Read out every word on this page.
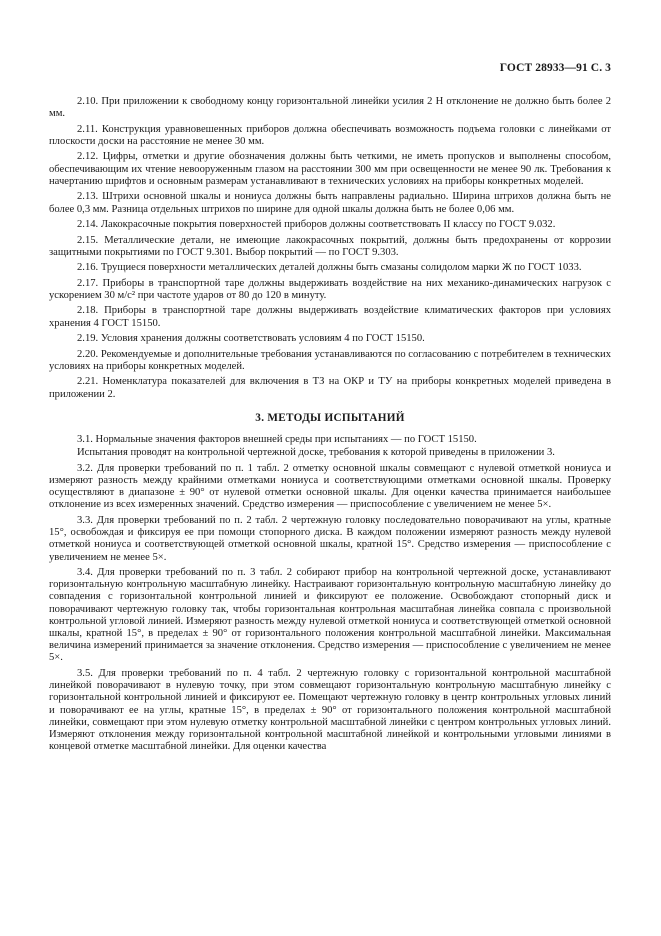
ГОСТ 28933—91 С. 3

2.10. При приложении к свободному концу горизонтальной линейки усилия 2 Н отклонение не должно быть более 2 мм.

2.11. Конструкция уравновешенных приборов должна обеспечивать возможность подъема головки с линейками от плоскости доски на расстояние не менее 30 мм.

2.12. Цифры, отметки и другие обозначения должны быть четкими, не иметь пропусков и выполнены способом, обеспечивающим их чтение невооруженным глазом на расстоянии 300 мм при освещенности не менее 90 лк. Требования к начертанию шрифтов и основным размерам устанавливают в технических условиях на приборы конкретных моделей.

2.13. Штрихи основной шкалы и нониуса должны быть направлены радиально. Ширина штрихов должна быть не более 0,3 мм. Разница отдельных штрихов по ширине для одной шкалы должна быть не более 0,06 мм.

2.14. Лакокрасочные покрытия поверхностей приборов должны соответствовать II классу по ГОСТ 9.032.

2.15. Металлические детали, не имеющие лакокрасочных покрытий, должны быть предохранены от коррозии защитными покрытиями по ГОСТ 9.301. Выбор покрытий — по ГОСТ 9.303.

2.16. Трущиеся поверхности металлических деталей должны быть смазаны солидолом марки Ж по ГОСТ 1033.

2.17. Приборы в транспортной таре должны выдерживать воздействие на них механико-динамических нагрузок с ускорением 30 м/с² при частоте ударов от 80 до 120 в минуту.

2.18. Приборы в транспортной таре должны выдерживать воздействие климатических факторов при условиях хранения 4 ГОСТ 15150.

2.19. Условия хранения должны соответствовать условиям 4 по ГОСТ 15150.

2.20. Рекомендуемые и дополнительные требования устанавливаются по согласованию с потребителем в технических условиях на приборы конкретных моделей.

2.21. Номенклатура показателей для включения в ТЗ на ОКР и ТУ на приборы конкретных моделей приведена в приложении 2.

3. МЕТОДЫ ИСПЫТАНИЙ

3.1. Нормальные значения факторов внешней среды при испытаниях — по ГОСТ 15150.

Испытания проводят на контрольной чертежной доске, требования к которой приведены в приложении 3.

3.2. Для проверки требований по п. 1 табл. 2 отметку основной шкалы совмещают с нулевой отметкой нониуса и измеряют разность между крайними отметками нониуса и соответствующими отметками основной шкалы. Проверку осуществляют в диапазоне ± 90° от нулевой отметки основной шкалы. Для оценки качества принимается наибольшее отклонение из всех измеренных значений. Средство измерения — приспособление с увеличением не менее 5×.

3.3. Для проверки требований по п. 2 табл. 2 чертежную головку последовательно поворачивают на углы, кратные 15°, освобождая и фиксируя ее при помощи стопорного диска. В каждом положении измеряют разность между нулевой отметкой нониуса и соответствующей отметкой основной шкалы, кратной 15°. Средство измерения — приспособление с увеличением не менее 5×.

3.4. Для проверки требований по п. 3 табл. 2 собирают прибор на контрольной чертежной доске, устанавливают горизонтальную контрольную масштабную линейку. Настраивают горизонтальную контрольную масштабную линейку до совпадения с горизонтальной контрольной линией и фиксируют ее положение. Освобождают стопорный диск и поворачивают чертежную головку так, чтобы горизонтальная контрольная масштабная линейка совпала с произвольной контрольной угловой линией. Измеряют разность между нулевой отметкой нониуса и соответствующей отметкой основной шкалы, кратной 15°, в пределах ± 90° от горизонтального положения контрольной масштабной линейки. Максимальная величина измерений принимается за значение отклонения. Средство измерения — приспособление с увеличением не менее 5×.

3.5. Для проверки требований по п. 4 табл. 2 чертежную головку с горизонтальной контрольной масштабной линейкой поворачивают в нулевую точку, при этом совмещают горизонтальную контрольную масштабную линейку с горизонтальной контрольной линией и фиксируют ее. Помещают чертежную головку в центр контрольных угловых линий и поворачивают ее на углы, кратные 15°, в пределах ± 90° от горизонтального положения контрольной масштабной линейки, совмещают при этом нулевую отметку контрольной масштабной линейки с центром контрольных угловых линий. Измеряют отклонения между горизонтальной контрольной масштабной линейкой и контрольными угловыми линиями в концевой отметке масштабной линейки. Для оценки качества
